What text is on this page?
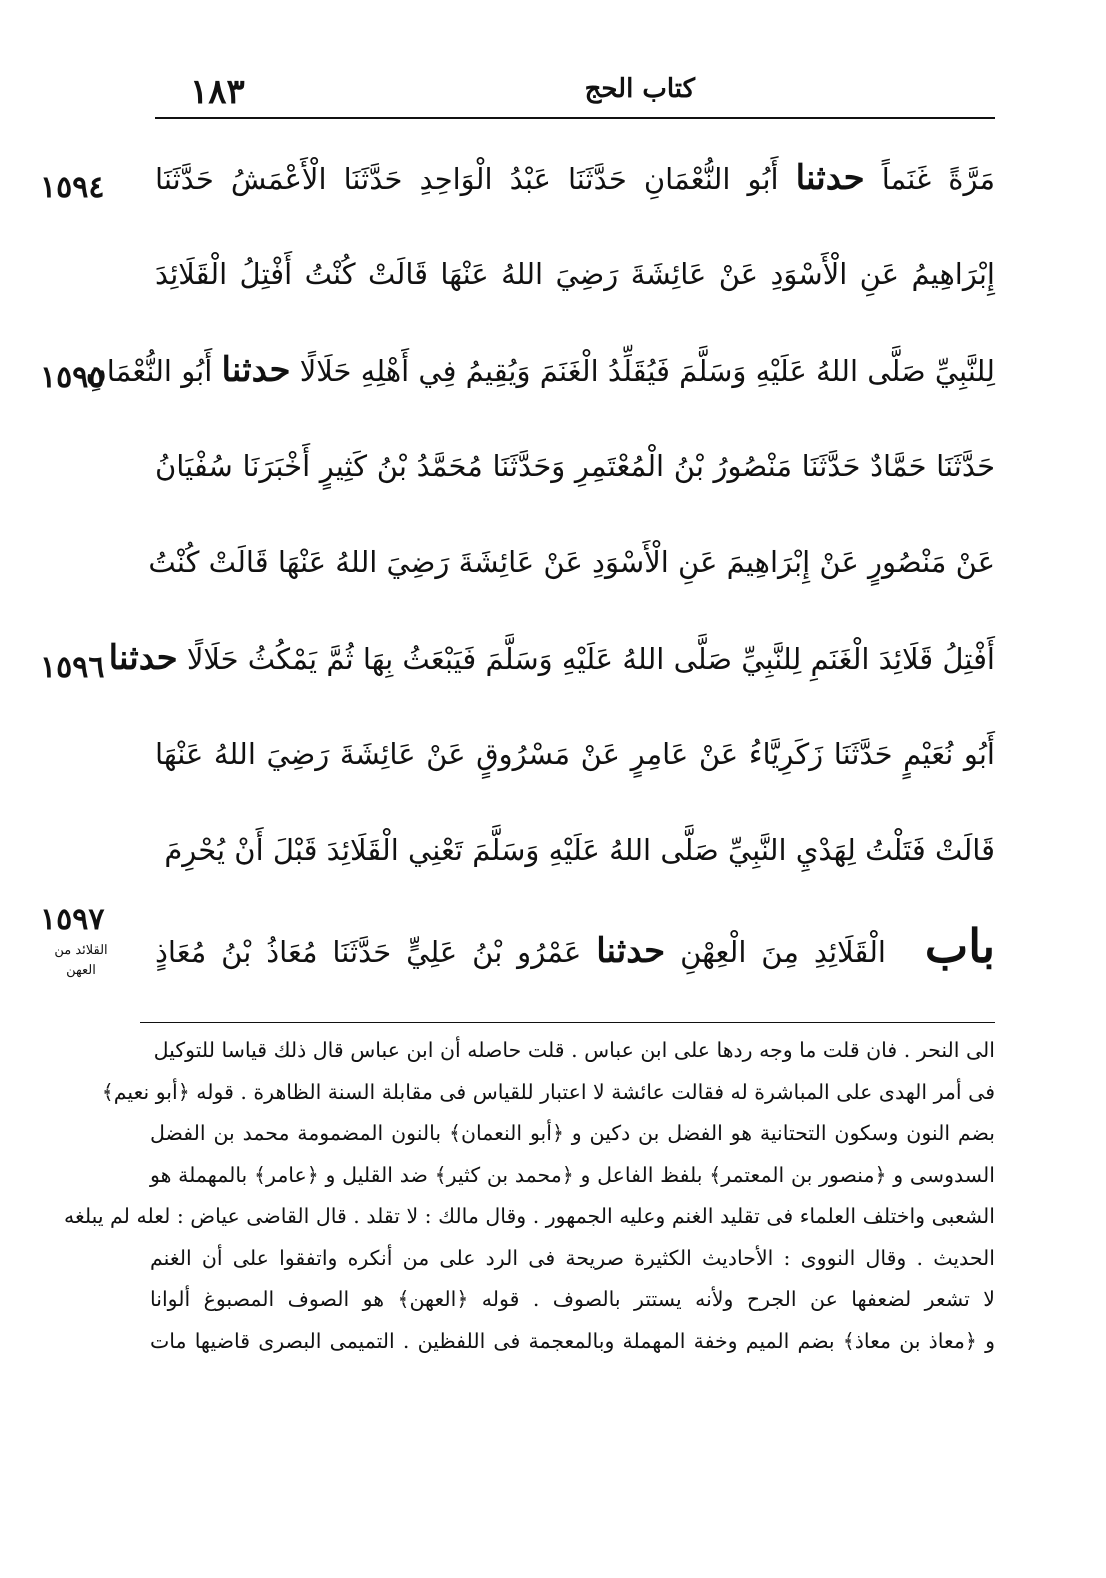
كتاب الحج
١٨٣
١٥٩٤
١٥٩٥
١٥٩٦
١٥٩٧
القلائد من
العهن
مَرَّةً غَنَماً حدثنا أَبُو النُّعْمَانِ حَدَّثَنَا عَبْدُ الْوَاحِدِ حَدَّثَنَا الْأَعْمَشُ حَدَّثَنَا
إِبْرَاهِيمُ عَنِ الْأَسْوَدِ عَنْ عَائِشَةَ رَضِيَ اللهُ عَنْهَا قَالَتْ كُنْتُ أَفْتِلُ الْقَلَائِدَ
لِلنَّبِيِّ صَلَّى اللهُ عَلَيْهِ وَسَلَّمَ فَيُقَلِّدُ الْغَنَمَ وَيُقِيمُ فِي أَهْلِهِ حَلَالًا حدثنا أَبُو النُّعْمَانِ
حَدَّثَنَا حَمَّادٌ حَدَّثَنَا مَنْصُورُ بْنُ الْمُعْتَمِرِ وَحَدَّثَنَا مُحَمَّدُ بْنُ كَثِيرٍ أَخْبَرَنَا سُفْيَانُ
عَنْ مَنْصُورٍ عَنْ إِبْرَاهِيمَ عَنِ الْأَسْوَدِ عَنْ عَائِشَةَ رَضِيَ اللهُ عَنْهَا قَالَتْ كُنْتُ
أَفْتِلُ قَلَائِدَ الْغَنَمِ لِلنَّبِيِّ صَلَّى اللهُ عَلَيْهِ وَسَلَّمَ فَيَبْعَثُ بِهَا ثُمَّ يَمْكُثُ حَلَالًا حدثنا
أَبُو نُعَيْمٍ حَدَّثَنَا زَكَرِيَّاءُ عَنْ عَامِرٍ عَنْ مَسْرُوقٍ عَنْ عَائِشَةَ رَضِيَ اللهُ عَنْهَا
قَالَتْ فَتَلْتُ لِهَدْيِ النَّبِيِّ صَلَّى اللهُ عَلَيْهِ وَسَلَّمَ تَعْنِي الْقَلَائِدَ قَبْلَ أَنْ يُحْرِمَ
باب الْقَلَائِدِ مِنَ الْعِهْنِ حدثنا عَمْرُو بْنُ عَلِيٍّ حَدَّثَنَا مُعَاذُ بْنُ مُعَاذٍ
الى النحر . فان قلت ما وجه ردها على ابن عباس . قلت حاصله أن ابن عباس قال ذلك قياسا للتوكيل
فى أمر الهدى على المباشرة له فقالت عائشة لا اعتبار للقياس فى مقابلة السنة الظاهرة . قوله ﴿أبو نعيم﴾
بضم النون وسكون التحتانية هو الفضل بن دكين و ﴿أبو النعمان﴾ بالنون المضمومة محمد بن الفضل
السدوسى و ﴿منصور بن المعتمر﴾ بلفظ الفاعل و ﴿محمد بن كثير﴾ ضد القليل و ﴿عامر﴾ بالمهملة هو
الشعبى واختلف العلماء فى تقليد الغنم وعليه الجمهور . وقال مالك : لا تقلد . قال القاضى عياض : لعله لم يبلغه
الحديث . وقال النووى : الأحاديث الكثيرة صريحة فى الرد على من أنكره واتفقوا على أن الغنم
لا تشعر لضعفها عن الجرح ولأنه يستتر بالصوف . قوله ﴿العهن﴾ هو الصوف المصبوغ ألوانا
و ﴿معاذ بن معاذ﴾ بضم الميم وخفة المهملة وبالمعجمة فى اللفظين . التميمى البصرى قاضيها مات
